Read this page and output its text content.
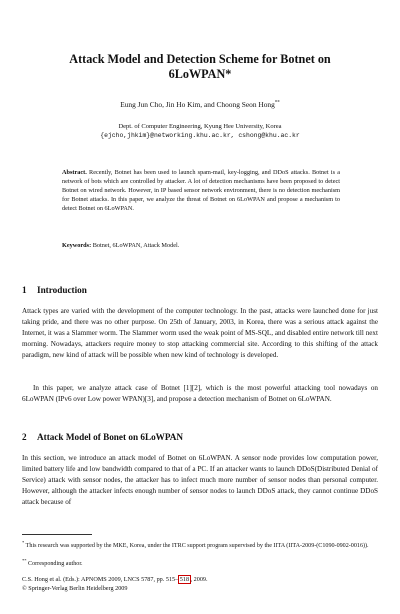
Attack Model and Detection Scheme for Botnet on
6LoWPAN*
Eung Jun Cho, Jin Ho Kim, and Choong Seon Hong**
Dept. of Computer Engineering, Kyung Hee University, Korea
{ejcho,jhkim}@networking.khu.ac.kr, cshong@khu.ac.kr
Abstract. Recently, Botnet has been used to launch spam-mail, key-logging, and DDoS attacks. Botnet is a network of bots which are controlled by attacker. A lot of detection mechanisms have been proposed to detect Botnet on wired network. However, in IP based sensor network environment, there is no detection mechanism for Botnet attacks. In this paper, we analyze the threat of Botnet on 6LoWPAN and propose a mechanism to detect Botnet on 6LoWPAN.
Keywords: Botnet, 6LoWPAN, Attack Model.
1 Introduction

Attack types are varied with the development of the computer technology. In the past, attacks were launched done for just taking pride, and there was no other purpose. On 25th of January, 2003, in Korea, there was a serious attack against the Internet, it was a Slammer worm. The Slammer worm used the weak point of MS-SQL, and disabled entire network till next morning. Nowadays, attackers require money to stop attacking commercial site. According to this shifting of the attack paradigm, new kind of attack will be possible when new kind of technology is developed.

In this paper, we analyze attack case of Botnet [1][2], which is the most powerful attacking tool nowadays on 6LoWPAN (IPv6 over Low power WPAN)[3], and propose a detection mechanism of Botnet on 6LoWPAN.

2 Attack Model of Bonet on 6LoWPAN

In this section, we introduce an attack model of Botnet on 6LoWPAN. A sensor node provides low computation power, limited battery life and low bandwidth compared to that of a PC. If an attacker wants to launch DDoS(Distributed Denial of Service) attack with sensor nodes, the attacker has to infect much more number of sensor nodes than personal computer. However, although the attacker infects enough number of sensor nodes to launch DDoS attack, they cannot continue DDoS attack because of

* This research was supported by the MKE, Korea, under the ITRC support program supervised by the IITA (IITA-2009-(C1090-0902-0016)).
** Corresponding author.
C.S. Hong et al. (Eds.): APNOMS 2009, LNCS 5787, pp. 515– 518 , 2009.
© Springer-Verlag Berlin Heidelberg 2009
